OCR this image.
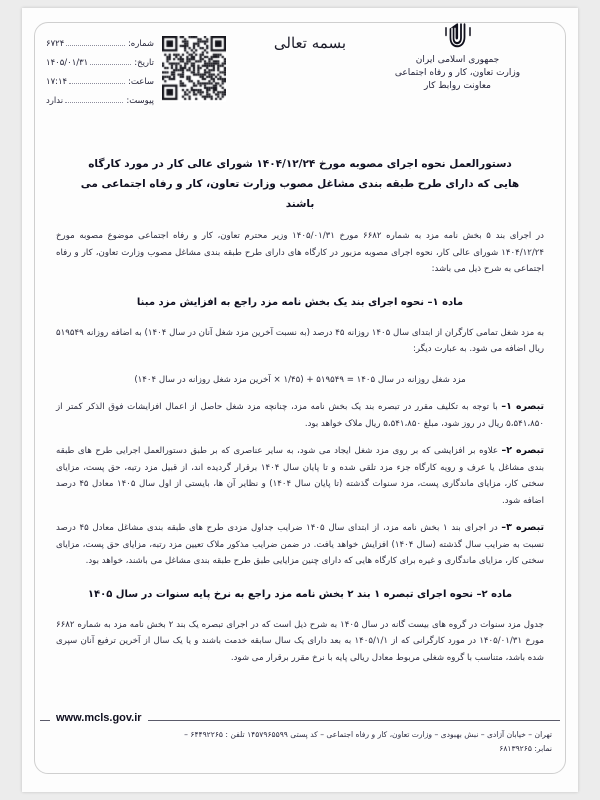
جمهوری اسلامی ایران
وزارت تعاون، کار و رفاه اجتماعی
معاونت روابط کار
بسمه تعالی
شماره:
۶۷۲۴
تاریخ:
۱۴۰۵/۰۱/۳۱
ساعت:
۱۷:۱۴
پیوست:
ندارد
دستورالعمل نحوه اجرای مصوبه مورخ ۱۴۰۴/۱۲/۲۴ شورای عالی کار در مورد کارگاه هایی که دارای طرح طبقه بندی مشاغل مصوب وزارت تعاون، کار و رفاه اجتماعی می باشند

در اجرای بند ۵ بخش نامه مزد به شماره ۶۶۸۲ مورخ ۱۴۰۵/۰۱/۳۱ وزیر محترم تعاون، کار و رفاه اجتماعی موضوع مصوبه مورخ ۱۴۰۴/۱۲/۲۴ شورای عالی کار، نحوه اجرای مصوبه مزبور در کارگاه های دارای طرح طبقه بندی مشاغل مصوب وزارت تعاون، کار و رفاه اجتماعی به شرح ذیل می باشد:

ماده ۱– نحوه اجرای بند یک بخش نامه مزد راجع به افزایش مزد مبنا

به مزد شغل تمامی کارگران از ابتدای سال ۱۴۰۵ روزانه ۴۵ درصد (به نسبت آخرین مزد شغل آنان در سال ۱۴۰۴) به اضافه روزانه ۵۱۹۵۴۹ ریال اضافه می شود. به عبارت دیگر:

مزد شغل روزانه در سال ۱۴۰۵ = ۵۱۹۵۴۹ + (۱/۴۵ × آخرین مزد شغل روزانه در سال ۱۴۰۴)

تبصره ۱– با توجه به تکلیف مقرر در تبصره بند یک بخش نامه مزد، چنانچه مزد شغل حاصل از اعمال افزایشات فوق الذکر کمتر از ۵،۵۴۱،۸۵۰ ریال در روز شود، مبلغ ۵،۵۴۱،۸۵۰ ریال ملاک خواهد بود.

تبصره ۲– علاوه بر افزایشی که بر روی مزد شغل ایجاد می شود، به سایر عناصری که بر طبق دستورالعمل اجرایی طرح های طبقه بندی مشاغل یا عرف و رویه کارگاه جزء مزد تلقی شده و تا پایان سال ۱۴۰۴ برقرار گردیده اند، از قبیل مزد رتبه، حق پست، مزایای سختی کار، مزایای ماندگاری پست، مزد سنوات گذشته (تا پایان سال ۱۴۰۴) و نظایر آن ها، بایستی از اول سال ۱۴۰۵ معادل ۴۵ درصد اضافه شود.

تبصره ۳– در اجرای بند ۱ بخش نامه مزد، از ابتدای سال ۱۴۰۵ ضرایب جداول مزدی طرح های طبقه بندی مشاغل معادل ۴۵ درصد نسبت به ضرایب سال گذشته (سال ۱۴۰۴) افزایش خواهد یافت. در ضمن ضرایب مذکور ملاک تعیین مزد رتبه، مزایای حق پست، مزایای سختی کار، مزایای ماندگاری و غیره برای کارگاه هایی که دارای چنین مزایایی طبق طرح طبقه بندی مشاغل می باشند، خواهد بود.

ماده ۲– نحوه اجرای تبصره ۱ بند ۲ بخش نامه مزد راجع به نرخ پایه سنوات در سال ۱۴۰۵

جدول مزد سنوات در گروه های بیست گانه در سال ۱۴۰۵ به شرح ذیل است که در اجرای تبصره یک بند ۲ بخش نامه مزد به شماره ۶۶۸۲ مورخ ۱۴۰۵/۰۱/۳۱ در مورد کارگرانی که از ۱۴۰۵/۱/۱ به بعد دارای یک سال سابقه خدمت باشند و یا یک سال از آخرین ترفیع آنان سپری شده باشد، متناسب با گروه شغلی مربوط معادل ریالی پایه با نرخ مقرر برقرار می شود.

www.mcls.gov.ir
تهران – خیابان آزادی – نبش بهبودی – وزارت تعاون، کار و رفاه اجتماعی – کد پستی ۱۴۵۷۹۶۵۵۹۹ تلفن : ۶۴۴۹۲۲۶۵ –
نمابر: ۶۸۱۳۹۲۶۵
